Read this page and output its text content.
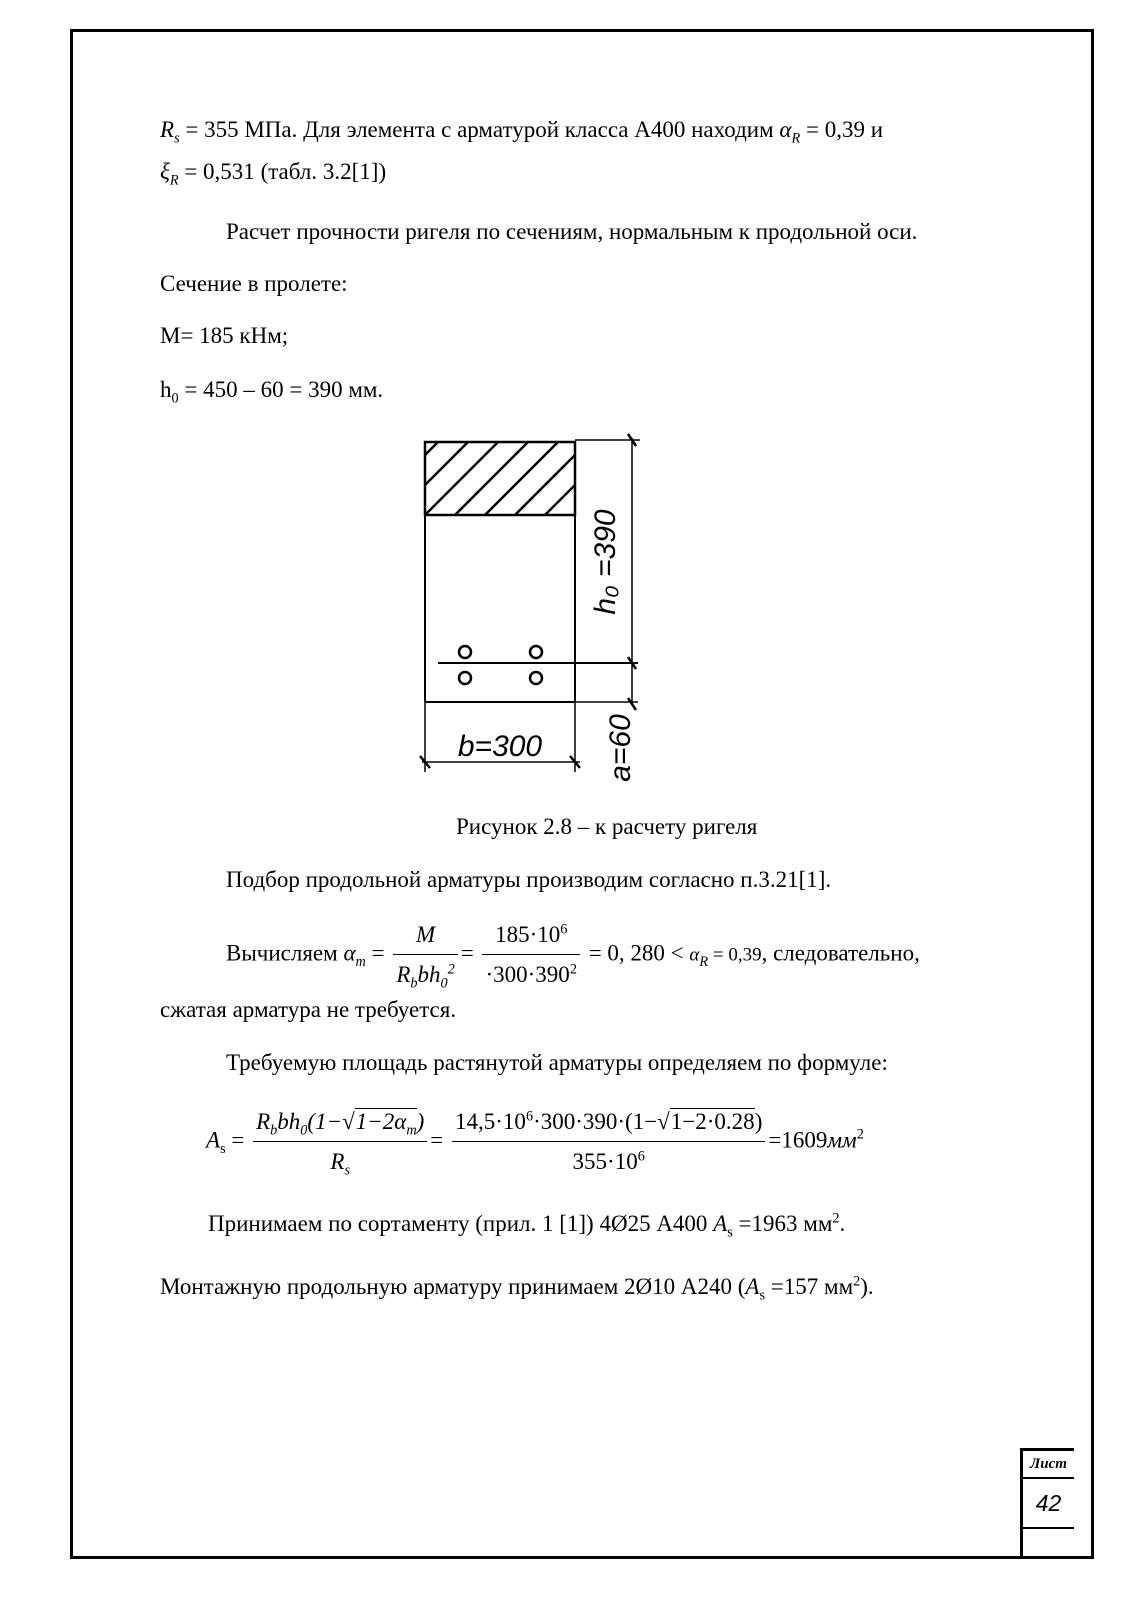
$R_s = 355$ МПа. Для элемента с арматурой класса А400 находим $\alpha_R = 0,39$ и
$\xi_R = 0,531$ (табл. 3.2[1])
Расчет прочности ригеля по сечениям, нормальным к продольной оси.
Сечение в пролете:
М= 185 кНм;
$h_0 = 450 - 60 = 390$ мм.
h₀ =390
b=300 a=60
Рисунок 2.8 – к расчету ригеля
Подбор продольной арматуры производим согласно п.3.21[1].
Вычисляем $\alpha_m = \frac{M}{R_bbh_0^2} = \frac{185\cdot 10^6}{\cdot 300\cdot 390^2} = 0$, $280 < \alpha_R = 0,39$, следовательно,
сжатая арматура не требуется.
Требуемую площадь растянутой арматуры определяем по формуле:
$A_s = \frac{R_bbh_0(1-√1-2\alpha_m)}{R_s} = \frac{14,5\cdot 10^6\cdot 300\cdot 390\cdot(1-√1-2\cdot 0.28)}{355\cdot 10^6} =1609мм^2$
Принимаем по сортаменту (прил. 1 [1]) 4Ø25 А400 $A_s =1963$ $мм^2$.
Монтажную продольную арматуру принимаем 2Ø10 А240 ($A_s =157$ $мм^2$).
Лист
42
